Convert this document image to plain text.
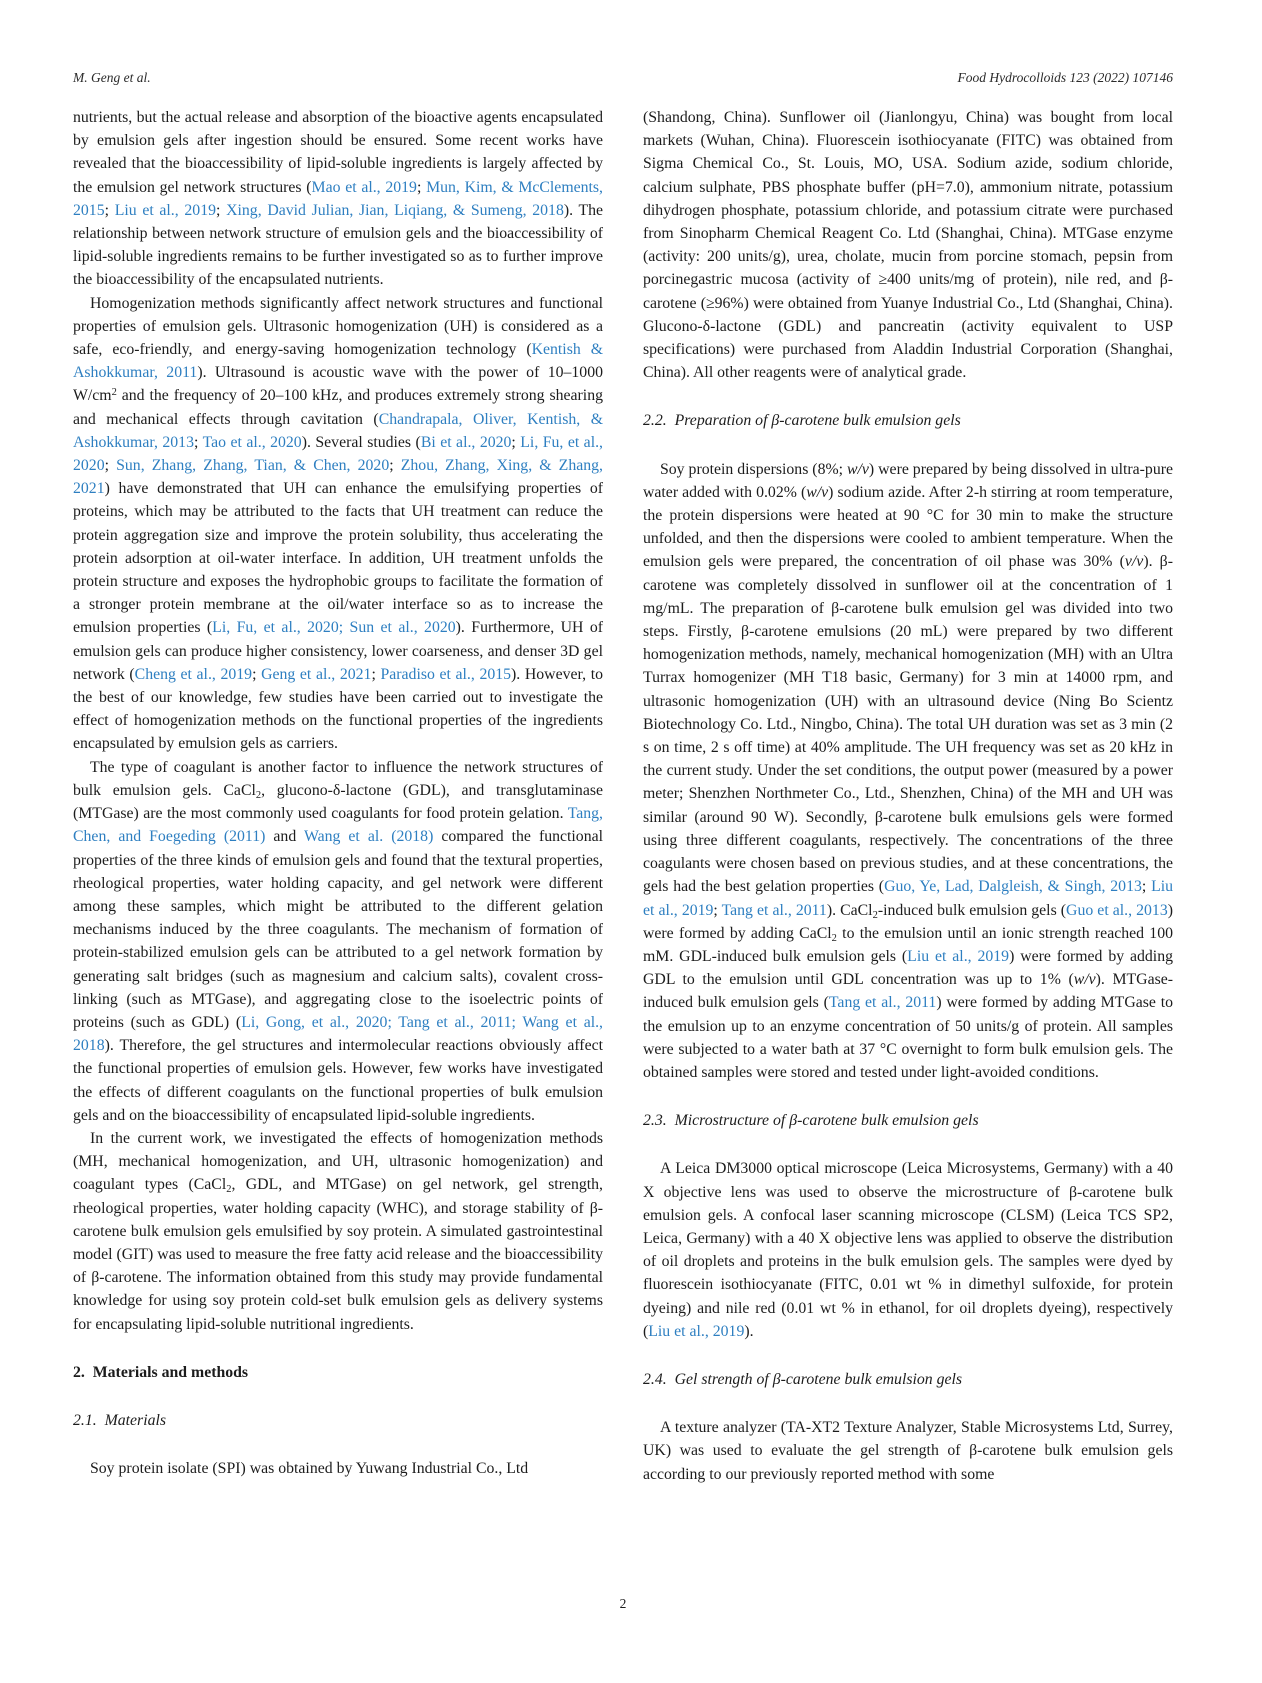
M. Geng et al.	Food Hydrocolloids 123 (2022) 107146

nutrients, but the actual release and absorption of the bioactive agents encapsulated by emulsion gels after ingestion should be ensured. Some recent works have revealed that the bioaccessibility of lipid-soluble ingredients is largely affected by the emulsion gel network structures (Mao et al., 2019; Mun, Kim, & McClements, 2015; Liu et al., 2019; Xing, David Julian, Jian, Liqiang, & Sumeng, 2018). The relationship between network structure of emulsion gels and the bioaccessibility of lipid-soluble ingredients remains to be further investigated so as to further improve the bioaccessibility of the encapsulated nutrients.

Homogenization methods significantly affect network structures and functional properties of emulsion gels. Ultrasonic homogenization (UH) is considered as a safe, eco-friendly, and energy-saving homogenization technology (Kentish & Ashokkumar, 2011). Ultrasound is acoustic wave with the power of 10–1000 $W/cm^2$ and the frequency of 20–100 kHz, and produces extremely strong shearing and mechanical effects through cavitation (Chandrapala, Oliver, Kentish, & Ashokkumar, 2013; Tao et al., 2020). Several studies (Bi et al., 2020; Li, Fu, et al., 2020; Sun, Zhang, Zhang, Tian, & Chen, 2020; Zhou, Zhang, Xing, & Zhang, 2021) have demonstrated that UH can enhance the emulsifying properties of proteins, which may be attributed to the facts that UH treatment can reduce the protein aggregation size and improve the protein solubility, thus accelerating the protein adsorption at oil-water interface. In addition, UH treatment unfolds the protein structure and exposes the hydrophobic groups to facilitate the formation of a stronger protein membrane at the oil/water interface so as to increase the emulsion properties (Li, Fu, et al., 2020; Sun et al., 2020). Furthermore, UH of emulsion gels can produce higher consistency, lower coarseness, and denser 3D gel network (Cheng et al., 2019; Geng et al., 2021; Paradiso et al., 2015). However, to the best of our knowledge, few studies have been carried out to investigate the effect of homogenization methods on the functional properties of the ingredients encapsulated by emulsion gels as carriers.

The type of coagulant is another factor to influence the network structures of bulk emulsion gels. CaCl2, glucono-δ-lactone (GDL), and transglutaminase (MTGase) are the most commonly used coagulants for food protein gelation. Tang, Chen, and Foegeding (2011) and Wang et al. (2018) compared the functional properties of the three kinds of emulsion gels and found that the textural properties, rheological properties, water holding capacity, and gel network were different among these samples, which might be attributed to the different gelation mechanisms induced by the three coagulants. The mechanism of formation of protein-stabilized emulsion gels can be attributed to a gel network formation by generating salt bridges (such as magnesium and calcium salts), covalent cross-linking (such as MTGase), and aggregating close to the isoelectric points of proteins (such as GDL) (Li, Gong, et al., 2020; Tang et al., 2011; Wang et al., 2018). Therefore, the gel structures and intermolecular reactions obviously affect the functional properties of emulsion gels. However, few works have investigated the effects of different coagulants on the functional properties of bulk emulsion gels and on the bioaccessibility of encapsulated lipid-soluble ingredients.

In the current work, we investigated the effects of homogenization methods (MH, mechanical homogenization, and UH, ultrasonic homogenization) and coagulant types (CaCl2, GDL, and MTGase) on gel network, gel strength, rheological properties, water holding capacity (WHC), and storage stability of β-carotene bulk emulsion gels emulsified by soy protein. A simulated gastrointestinal model (GIT) was used to measure the free fatty acid release and the bioaccessibility of β-carotene. The information obtained from this study may provide fundamental knowledge for using soy protein cold-set bulk emulsion gels as delivery systems for encapsulating lipid-soluble nutritional ingredients.

2. Materials and methods

2.1. Materials

Soy protein isolate (SPI) was obtained by Yuwang Industrial Co., Ltd

(Shandong, China). Sunflower oil (Jianlongyu, China) was bought from local markets (Wuhan, China). Fluorescein isothiocyanate (FITC) was obtained from Sigma Chemical Co., St. Louis, MO, USA. Sodium azide, sodium chloride, calcium sulphate, PBS phosphate buffer (pH=7.0), ammonium nitrate, potassium dihydrogen phosphate, potassium chloride, and potassium citrate were purchased from Sinopharm Chemical Reagent Co. Ltd (Shanghai, China). MTGase enzyme (activity: 200 units/g), urea, cholate, mucin from porcine stomach, pepsin from porcinegastric mucosa (activity of ≥400 units/mg of protein), nile red, and β-carotene (≥96%) were obtained from Yuanye Industrial Co., Ltd (Shanghai, China). Glucono-δ-lactone (GDL) and pancreatin (activity equivalent to USP specifications) were purchased from Aladdin Industrial Corporation (Shanghai, China). All other reagents were of analytical grade.

2.2. Preparation of β-carotene bulk emulsion gels

Soy protein dispersions (8%; w/v) were prepared by being dissolved in ultra-pure water added with 0.02% (w/v) sodium azide. After 2-h stirring at room temperature, the protein dispersions were heated at 90 °C for 30 min to make the structure unfolded, and then the dispersions were cooled to ambient temperature. When the emulsion gels were prepared, the concentration of oil phase was 30% (v/v). β-carotene was completely dissolved in sunflower oil at the concentration of 1 mg/mL. The preparation of β-carotene bulk emulsion gel was divided into two steps. Firstly, β-carotene emulsions (20 mL) were prepared by two different homogenization methods, namely, mechanical homogenization (MH) with an Ultra Turrax homogenizer (MH T18 basic, Germany) for 3 min at 14000 rpm, and ultrasonic homogenization (UH) with an ultrasound device (Ning Bo Scientz Biotechnology Co. Ltd., Ningbo, China). The total UH duration was set as 3 min (2 s on time, 2 s off time) at 40% amplitude. The UH frequency was set as 20 kHz in the current study. Under the set conditions, the output power (measured by a power meter; Shenzhen Northmeter Co., Ltd., Shenzhen, China) of the MH and UH was similar (around 90 W). Secondly, β-carotene bulk emulsions gels were formed using three different coagulants, respectively. The concentrations of the three coagulants were chosen based on previous studies, and at these concentrations, the gels had the best gelation properties (Guo, Ye, Lad, Dalgleish, & Singh, 2013; Liu et al., 2019; Tang et al., 2011). CaCl2-induced bulk emulsion gels (Guo et al., 2013) were formed by adding CaCl2 to the emulsion until an ionic strength reached 100 mM. GDL-induced bulk emulsion gels (Liu et al., 2019) were formed by adding GDL to the emulsion until GDL concentration was up to 1% (w/v). MTGase-induced bulk emulsion gels (Tang et al., 2011) were formed by adding MTGase to the emulsion up to an enzyme concentration of 50 units/g of protein. All samples were subjected to a water bath at 37 °C overnight to form bulk emulsion gels. The obtained samples were stored and tested under light-avoided conditions.

2.3. Microstructure of β-carotene bulk emulsion gels

A Leica DM3000 optical microscope (Leica Microsystems, Germany) with a 40 X objective lens was used to observe the microstructure of β-carotene bulk emulsion gels. A confocal laser scanning microscope (CLSM) (Leica TCS SP2, Leica, Germany) with a 40 X objective lens was applied to observe the distribution of oil droplets and proteins in the bulk emulsion gels. The samples were dyed by fluorescein isothiocyanate (FITC, 0.01 wt % in dimethyl sulfoxide, for protein dyeing) and nile red (0.01 wt % in ethanol, for oil droplets dyeing), respectively (Liu et al., 2019).

2.4. Gel strength of β-carotene bulk emulsion gels

A texture analyzer (TA-XT2 Texture Analyzer, Stable Microsystems Ltd, Surrey, UK) was used to evaluate the gel strength of β-carotene bulk emulsion gels according to our previously reported method with some

2
